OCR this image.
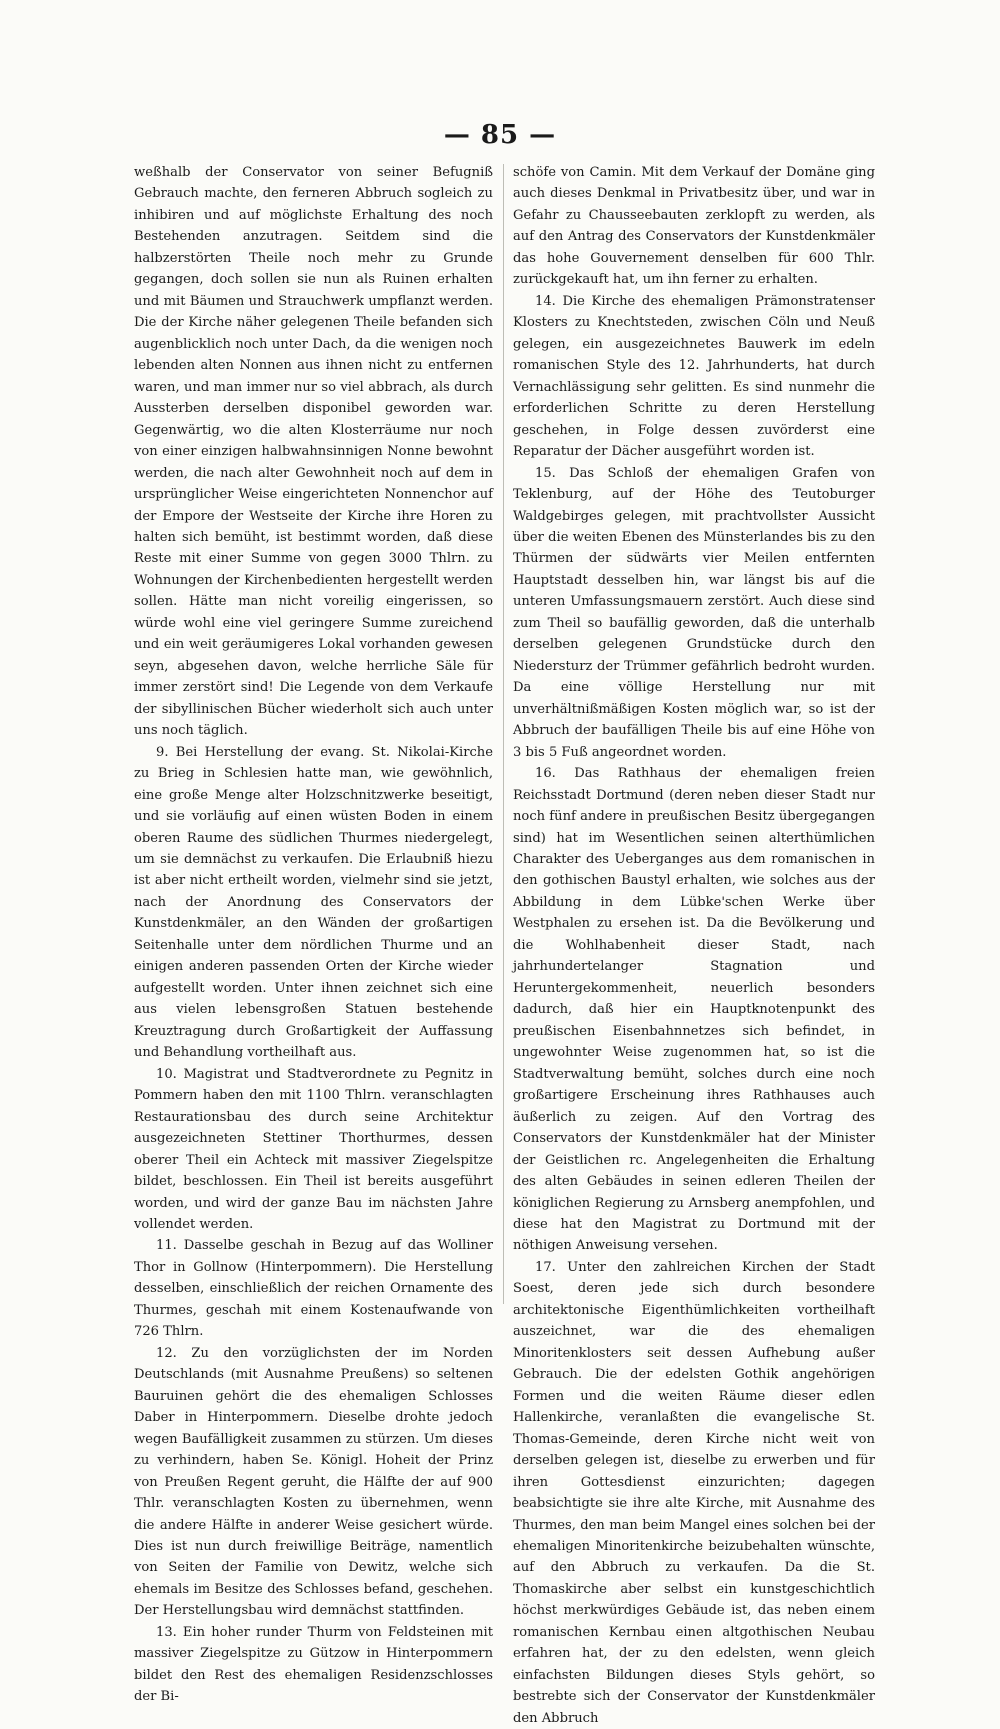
— 85 —

weßhalb der Conservator von seiner Befugniß Gebrauch machte, den ferneren Abbruch sogleich zu inhibiren und auf möglichste Erhaltung des noch Bestehenden anzutragen. Seitdem sind die halbzerstörten Theile noch mehr zu Grunde gegangen, doch sollen sie nun als Ruinen erhalten und mit Bäumen und Strauchwerk umpflanzt werden. Die der Kirche näher gelegenen Theile befanden sich augenblicklich noch unter Dach, da die wenigen noch lebenden alten Nonnen aus ihnen nicht zu entfernen waren, und man immer nur so viel abbrach, als durch Aussterben derselben disponibel geworden war. Gegenwärtig, wo die alten Klosterräume nur noch von einer einzigen halbwahnsinnigen Nonne bewohnt werden, die nach alter Gewohnheit noch auf dem in ursprünglicher Weise eingerichteten Nonnenchor auf der Empore der Westseite der Kirche ihre Horen zu halten sich bemüht, ist bestimmt worden, daß diese Reste mit einer Summe von gegen 3000 Thlrn. zu Wohnungen der Kirchenbedienten hergestellt werden sollen. Hätte man nicht voreilig eingerissen, so würde wohl eine viel geringere Summe zureichend und ein weit geräumigeres Lokal vorhanden gewesen seyn, abgesehen davon, welche herrliche Säle für immer zerstört sind! Die Legende von dem Verkaufe der sibyllinischen Bücher wiederholt sich auch unter uns noch täglich.

9. Bei Herstellung der evang. St. Nikolai-Kirche zu Brieg in Schlesien hatte man, wie gewöhnlich, eine große Menge alter Holzschnitzwerke beseitigt, und sie vorläufig auf einen wüsten Boden in einem oberen Raume des südlichen Thurmes niedergelegt, um sie demnächst zu verkaufen. Die Erlaubniß hiezu ist aber nicht ertheilt worden, vielmehr sind sie jetzt, nach der Anordnung des Conservators der Kunstdenkmäler, an den Wänden der großartigen Seitenhalle unter dem nördlichen Thurme und an einigen anderen passenden Orten der Kirche wieder aufgestellt worden. Unter ihnen zeichnet sich eine aus vielen lebensgroßen Statuen bestehende Kreuztragung durch Großartigkeit der Auffassung und Behandlung vortheilhaft aus.

10. Magistrat und Stadtverordnete zu Pegnitz in Pommern haben den mit 1100 Thlrn. veranschlagten Restaurationsbau des durch seine Architektur ausgezeichneten Stettiner Thorthurmes, dessen oberer Theil ein Achteck mit massiver Ziegelspitze bildet, beschlossen. Ein Theil ist bereits ausgeführt worden, und wird der ganze Bau im nächsten Jahre vollendet werden.

11. Dasselbe geschah in Bezug auf das Wolliner Thor in Gollnow (Hinterpommern). Die Herstellung desselben, einschließlich der reichen Ornamente des Thurmes, geschah mit einem Kostenaufwande von 726 Thlrn.

12. Zu den vorzüglichsten der im Norden Deutschlands (mit Ausnahme Preußens) so seltenen Bauruinen gehört die des ehemaligen Schlosses Daber in Hinterpommern. Dieselbe drohte jedoch wegen Baufälligkeit zusammen zu stürzen. Um dieses zu verhindern, haben Se. Königl. Hoheit der Prinz von Preußen Regent geruht, die Hälfte der auf 900 Thlr. veranschlagten Kosten zu übernehmen, wenn die andere Hälfte in anderer Weise gesichert würde. Dies ist nun durch freiwillige Beiträge, namentlich von Seiten der Familie von Dewitz, welche sich ehemals im Besitze des Schlosses befand, geschehen. Der Herstellungsbau wird demnächst stattfinden.

13. Ein hoher runder Thurm von Feldsteinen mit massiver Ziegelspitze zu Gützow in Hinterpommern bildet den Rest des ehemaligen Residenzschlosses der Bi-

schöfe von Camin. Mit dem Verkauf der Domäne ging auch dieses Denkmal in Privatbesitz über, und war in Gefahr zu Chausseebauten zerklopft zu werden, als auf den Antrag des Conservators der Kunstdenkmäler das hohe Gouvernement denselben für 600 Thlr. zurückgekauft hat, um ihn ferner zu erhalten.

14. Die Kirche des ehemaligen Prämonstratenser Klosters zu Knechtsteden, zwischen Cöln und Neuß gelegen, ein ausgezeichnetes Bauwerk im edeln romanischen Style des 12. Jahrhunderts, hat durch Vernachlässigung sehr gelitten. Es sind nunmehr die erforderlichen Schritte zu deren Herstellung geschehen, in Folge dessen zuvörderst eine Reparatur der Dächer ausgeführt worden ist.

15. Das Schloß der ehemaligen Grafen von Teklenburg, auf der Höhe des Teutoburger Waldgebirges gelegen, mit prachtvollster Aussicht über die weiten Ebenen des Münsterlandes bis zu den Thürmen der südwärts vier Meilen entfernten Hauptstadt desselben hin, war längst bis auf die unteren Umfassungsmauern zerstört. Auch diese sind zum Theil so baufällig geworden, daß die unterhalb derselben gelegenen Grundstücke durch den Niedersturz der Trümmer gefährlich bedroht wurden. Da eine völlige Herstellung nur mit unverhältnißmäßigen Kosten möglich war, so ist der Abbruch der baufälligen Theile bis auf eine Höhe von 3 bis 5 Fuß angeordnet worden.

16. Das Rathhaus der ehemaligen freien Reichsstadt Dortmund (deren neben dieser Stadt nur noch fünf andere in preußischen Besitz übergegangen sind) hat im Wesentlichen seinen alterthümlichen Charakter des Ueberganges aus dem romanischen in den gothischen Baustyl erhalten, wie solches aus der Abbildung in dem Lübke'schen Werke über Westphalen zu ersehen ist. Da die Bevölkerung und die Wohlhabenheit dieser Stadt, nach jahrhundertelanger Stagnation und Heruntergekommenheit, neuerlich besonders dadurch, daß hier ein Hauptknotenpunkt des preußischen Eisenbahnnetzes sich befindet, in ungewohnter Weise zugenommen hat, so ist die Stadtverwaltung bemüht, solches durch eine noch großartigere Erscheinung ihres Rathhauses auch äußerlich zu zeigen. Auf den Vortrag des Conservators der Kunstdenkmäler hat der Minister der Geistlichen rc. Angelegenheiten die Erhaltung des alten Gebäudes in seinen edleren Theilen der königlichen Regierung zu Arnsberg anempfohlen, und diese hat den Magistrat zu Dortmund mit der nöthigen Anweisung versehen.

17. Unter den zahlreichen Kirchen der Stadt Soest, deren jede sich durch besondere architektonische Eigenthümlichkeiten vortheilhaft auszeichnet, war die des ehemaligen Minoritenklosters seit dessen Aufhebung außer Gebrauch. Die der edelsten Gothik angehörigen Formen und die weiten Räume dieser edlen Hallenkirche, veranlaßten die evangelische St. Thomas-Gemeinde, deren Kirche nicht weit von derselben gelegen ist, dieselbe zu erwerben und für ihren Gottesdienst einzurichten; dagegen beabsichtigte sie ihre alte Kirche, mit Ausnahme des Thurmes, den man beim Mangel eines solchen bei der ehemaligen Minoritenkirche beizubehalten wünschte, auf den Abbruch zu verkaufen. Da die St. Thomaskirche aber selbst ein kunstgeschichtlich höchst merkwürdiges Gebäude ist, das neben einem romanischen Kernbau einen altgothischen Neubau erfahren hat, der zu den edelsten, wenn gleich einfachsten Bildungen dieses Styls gehört, so bestrebte sich der Conservator der Kunstdenkmäler den Abbruch
